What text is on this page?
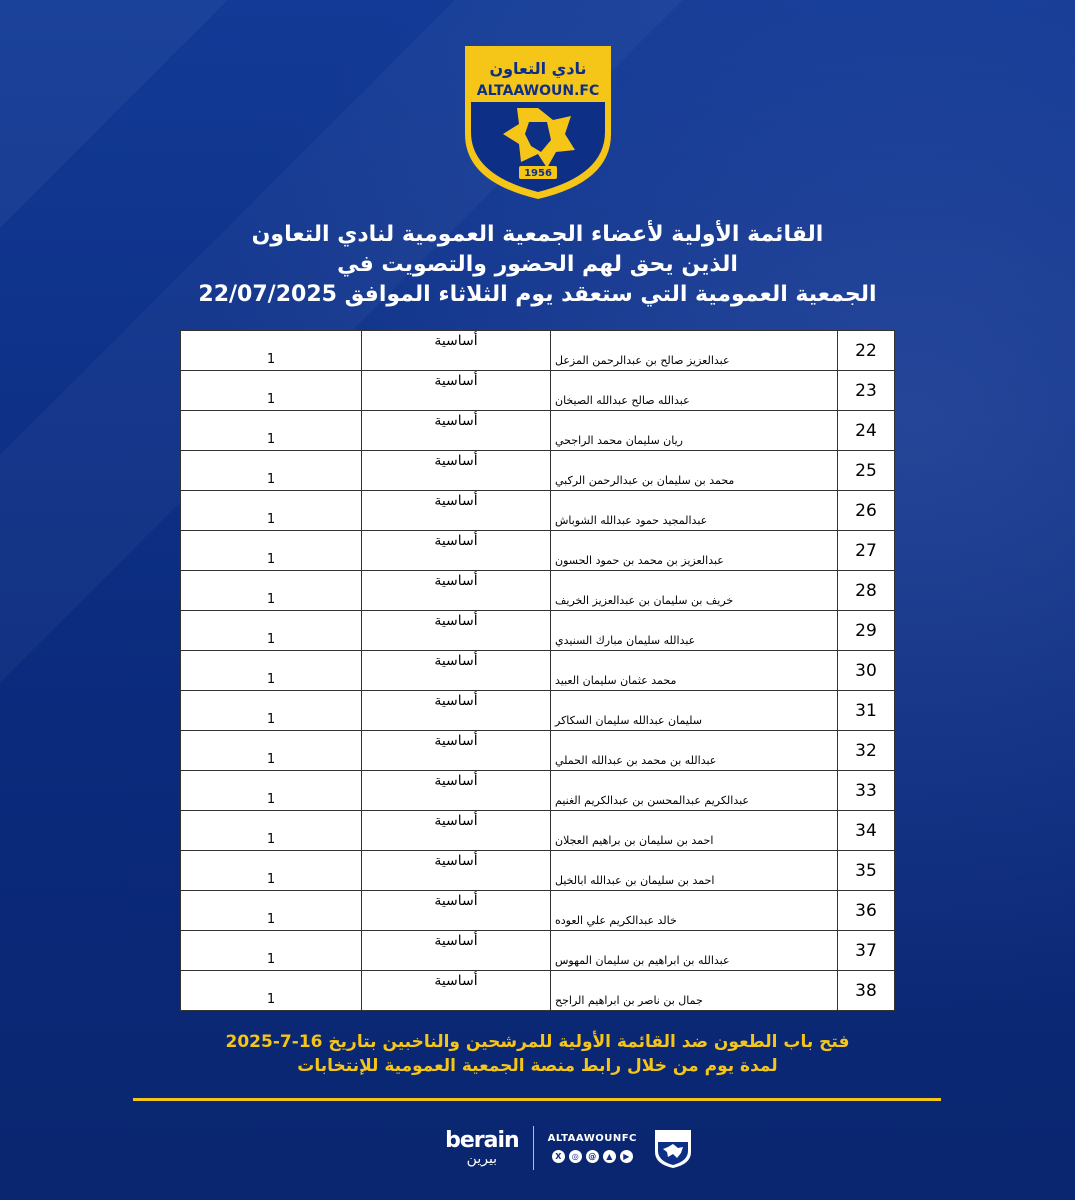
نادي التعاون
ALTAAWOUN.FC
1956
القائمة الأولية لأعضاء الجمعية العمومية لنادي التعاون
الذين يحق لهم الحضور والتصويت في
الجمعية العمومية التي ستعقد يوم الثلاثاء الموافق 22/07/2025
22	عبدالعزيز صالح بن عبدالرحمن المزعل	أساسية	1
23	عبدالله صالح عبدالله الصيخان	أساسية	1
24	ريان سليمان محمد الراجحي	أساسية	1
25	محمد بن سليمان بن عبدالرحمن الركبي	أساسية	1
26	عبدالمجيد حمود عبدالله الشوباش	أساسية	1
27	عبدالعزيز بن محمد بن حمود الحسون	أساسية	1
28	خريف بن سليمان بن عبدالعزيز الخريف	أساسية	1
29	عبدالله سليمان مبارك السنيدي	أساسية	1
30	محمد عثمان سليمان العبيد	أساسية	1
31	سليمان عبدالله سليمان السكاكر	أساسية	1
32	عبدالله بن محمد بن عبدالله الحملي	أساسية	1
33	عبدالكريم عبدالمحسن بن عبدالكريم الغنيم	أساسية	1
34	احمد بن سليمان بن براهيم العجلان	أساسية	1
35	احمد بن سليمان بن عبدالله ابالخيل	أساسية	1
36	خالد عبدالكريم علي العوده	أساسية	1
37	عبدالله بن ابراهيم بن سليمان المهوس	أساسية	1
38	جمال بن ناصر بن ابراهيم الراجح	أساسية	1
فتح باب الطعون ضد القائمة الأولية للمرشحين والناخبين بتاريخ 16-7-2025
لمدة يوم من خلال رابط منصة الجمعية العمومية للإنتخابات
berain
بيرين
ALTAAWOUNFC
X	◎	@	▲	▶
